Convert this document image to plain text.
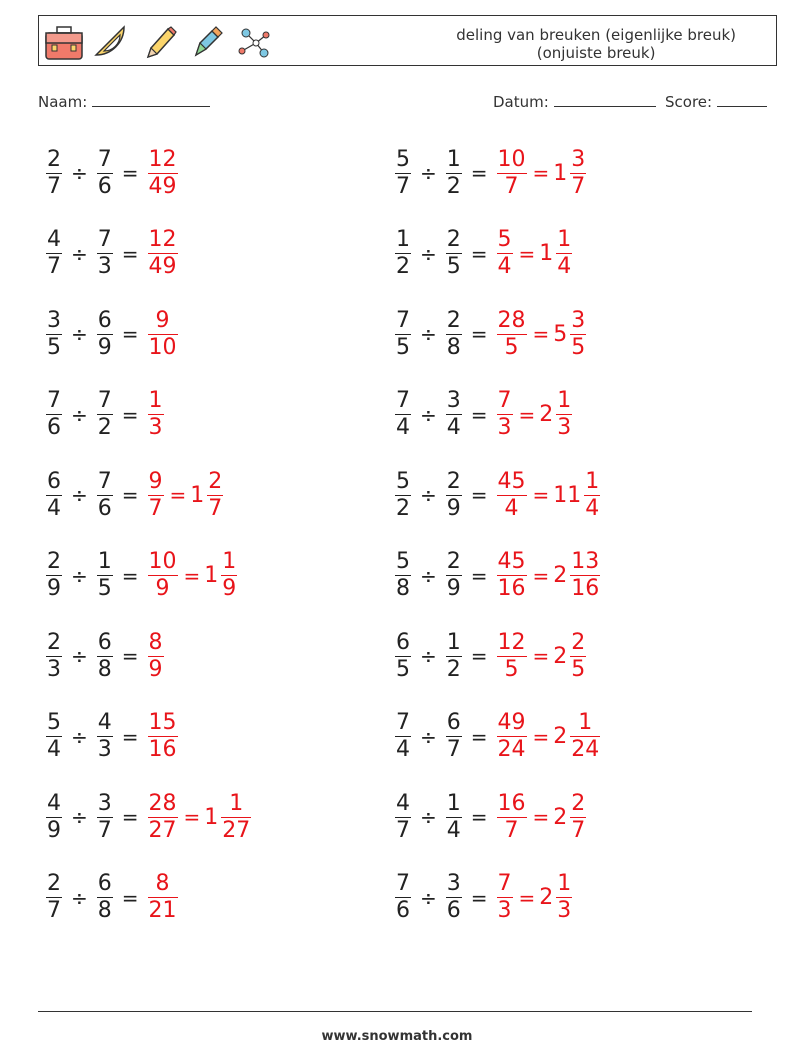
deling van breuken (eigenlijke breuk)
(onjuiste breuk)
Naam:	Datum:	Score:
$\frac{2}{7} \div \frac{7}{6} = \frac{12}{49}$
$\frac{4}{7} \div \frac{7}{3} = \frac{12}{49}$
$\frac{3}{5} \div \frac{6}{9} = \frac{9}{10}$
$\frac{7}{6} \div \frac{7}{2} = \frac{1}{3}$
$\frac{6}{4} \div \frac{7}{6} = \frac{9}{7} = 1 \frac{2}{7}$
$\frac{2}{9} \div \frac{1}{5} = \frac{10}{9} = 1 \frac{1}{9}$
$\frac{2}{3} \div \frac{6}{8} = \frac{8}{9}$
$\frac{5}{4} \div \frac{4}{3} = \frac{15}{16}$
$\frac{4}{9} \div \frac{3}{7} = \frac{28}{27} = 1 \frac{1}{27}$
$\frac{2}{7} \div \frac{6}{8} = \frac{8}{21}$
$\frac{5}{7} \div \frac{1}{2} = \frac{10}{7} = 1 \frac{3}{7}$
$\frac{1}{2} \div \frac{2}{5} = \frac{5}{4} = 1 \frac{1}{4}$
$\frac{7}{5} \div \frac{2}{8} = \frac{28}{5} = 5 \frac{3}{5}$
$\frac{7}{4} \div \frac{3}{4} = \frac{7}{3} = 2 \frac{1}{3}$
$\frac{5}{2} \div \frac{2}{9} = \frac{45}{4} = 11 \frac{1}{4}$
$\frac{5}{8} \div \frac{2}{9} = \frac{45}{16} = 2 \frac{13}{16}$
$\frac{6}{5} \div \frac{1}{2} = \frac{12}{5} = 2 \frac{2}{5}$
$\frac{7}{4} \div \frac{6}{7} = \frac{49}{24} = 2 \frac{1}{24}$
$\frac{4}{7} \div \frac{1}{4} = \frac{16}{7} = 2 \frac{2}{7}$
$\frac{7}{6} \div \frac{3}{6} = \frac{7}{3} = 2 \frac{1}{3}$
www.snowmath.com
